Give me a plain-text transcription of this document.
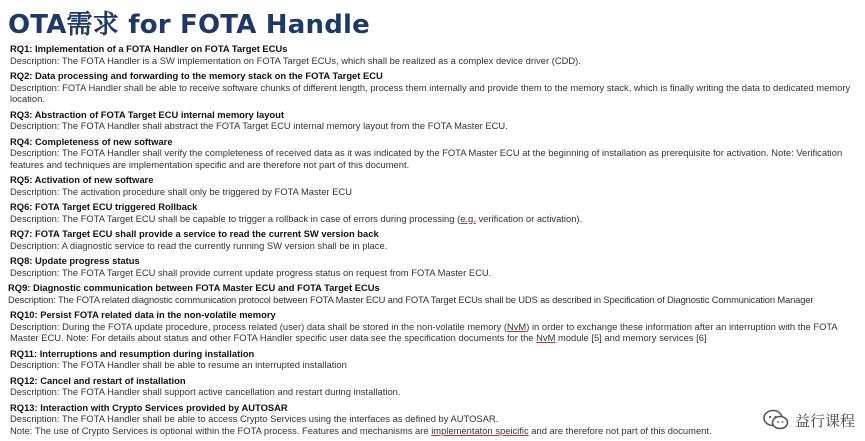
OTA需求 for FOTA Handle
RQ1: Implementation of a FOTA Handler on FOTA Target ECUs
Description: The FOTA Handler is a SW implementation on FOTA Target ECUs, which shall be realized as a complex device driver (CDD).
RQ2: Data processing and forwarding to the memory stack on the FOTA Target ECU
Description: FOTA Handler shall be able to receive software chunks of different length, process them internally and provide them to the memory stack, which is finally writing the data to dedicated memory location.
RQ3: Abstraction of FOTA Target ECU internal memory layout
Description: The FOTA Handler shall abstract the FOTA Target ECU internal memory layout from the FOTA Master ECU.
RQ4: Completeness of new software
Description: The FOTA Handler shall verify the completeness of received data as it was indicated by the FOTA Master ECU at the beginning of installation as prerequisite for activation. Note: Verification features and techniques are implementation specific and are therefore not part of this document.
RQ5: Activation of new software
Description: The activation procedure shall only be triggered by FOTA Master ECU
RQ6: FOTA Target ECU triggered Rollback
Description: The FOTA Target ECU shall be capable to trigger a rollback in case of errors during processing (e.g. verification or activation).
RQ7: FOTA Target ECU shall provide a service to read the current SW version back
Description: A diagnostic service to read the currently running SW version shall be in place.
RQ8: Update progress status
Description: The FOTA Target ECU shall provide current update progress status on request from FOTA Master ECU.
RQ9: Diagnostic communication between FOTA Master ECU and FOTA Target ECUs
Description: The FOTA related diagnostic communication protocol between FOTA Master ECU and FOTA Target ECUs shall be UDS as described in Specification of Diagnostic Communication Manager
RQ10: Persist FOTA related data in the non-volatile memory
Description: During the FOTA update procedure, process related (user) data shall be stored in the non-volatile memory (NvM) in order to exchange these information after an interruption with the FOTA Master ECU. Note: For details about status and other FOTA Handler specific user data see the specification documents for the NvM module [5] and memory services [6]
RQ11: Interruptions and resumption during installation
Description: The FOTA Handler shall be able to resume an interrupted installation
RQ12: Cancel and restart of installation
Description: The FOTA Handler shall support active cancellation and restart during installation.
RQ13: Interaction with Crypto Services provided by AUTOSAR
Description: The FOTA Handler shall be able to access Crypto Services using the interfaces as defined by AUTOSAR.
Note: The use of Crypto Services is optional within the FOTA process. Features and mechanisms are implementaton speicific and are therefore not part of this document.
益行课程
